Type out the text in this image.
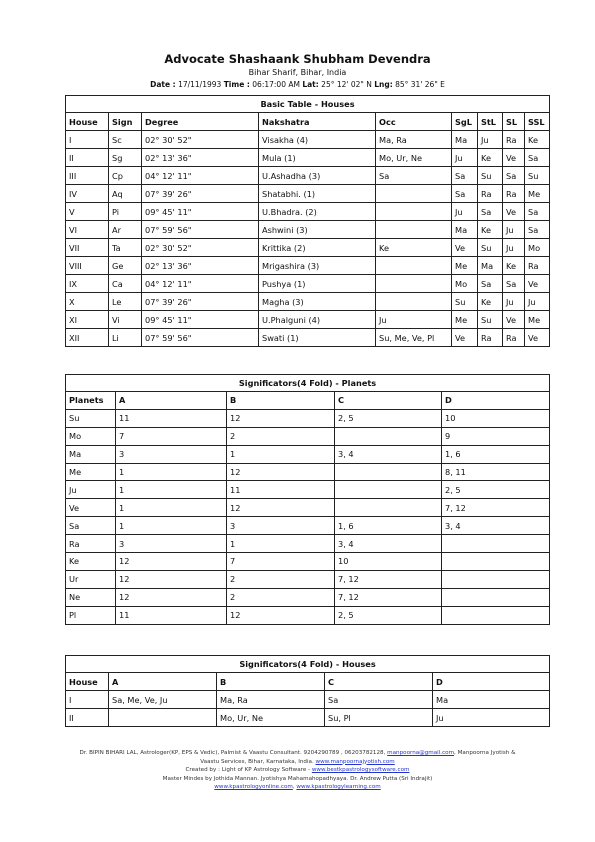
Advocate Shashaank Shubham Devendra
Bihar Sharif, Bihar, India
Date : 17/11/1993 Time : 06:17:00 AM Lat: 25° 12' 02" N Lng: 85° 31' 26" E
Basic Table - Houses								
House	Sign	Degree	Nakshatra	Occ	SgL	StL	SL	SSL
I	Sc	02° 30' 52"	Visakha (4)	Ma, Ra	Ma	Ju	Ra	Ke
II	Sg	02° 13' 36"	Mula (1)	Mo, Ur, Ne	Ju	Ke	Ve	Sa
III	Cp	04° 12' 11"	U.Ashadha (3)	Sa	Sa	Su	Sa	Su
IV	Aq	07° 39' 26"	Shatabhi. (1)		Sa	Ra	Ra	Me
V	Pi	09° 45' 11"	U.Bhadra. (2)		Ju	Sa	Ve	Sa
VI	Ar	07° 59' 56"	Ashwini (3)		Ma	Ke	Ju	Sa
VII	Ta	02° 30' 52"	Krittika (2)	Ke	Ve	Su	Ju	Mo
VIII	Ge	02° 13' 36"	Mrigashira (3)		Me	Ma	Ke	Ra
IX	Ca	04° 12' 11"	Pushya (1)		Mo	Sa	Sa	Ve
X	Le	07° 39' 26"	Magha (3)		Su	Ke	Ju	Ju
XI	Vi	09° 45' 11"	U.Phalguni (4)	Ju	Me	Su	Ve	Me
XII	Li	07° 59' 56"	Swati (1)	Su, Me, Ve, Pl	Ve	Ra	Ra	Ve
Significators(4 Fold) - Planets				
Planets	A	B	C	D
Su	11	12	2, 5	10
Mo	7	2		9
Ma	3	1	3, 4	1, 6
Me	1	12		8, 11
Ju	1	11		2, 5
Ve	1	12		7, 12
Sa	1	3	1, 6	3, 4
Ra	3	1	3, 4	
Ke	12	7	10	
Ur	12	2	7, 12	
Ne	12	2	7, 12	
Pl	11	12	2, 5	
Significators(4 Fold) - Houses				
House	A	B	C	D
I	Sa, Me, Ve, Ju	Ma, Ra	Sa	Ma
II		Mo, Ur, Ne	Su, Pl	Ju
Dr. BIPIN BIHARI LAL, Astrologer(KP, EPS & Vedic), Palmist & Vaastu Consultant. 9204290789 , 06203782128, manpoorna@gmail.com, Manpoorna Jyotish &
Vaastu Services, Bihar, Karnataka, India. www.manpoornajyotish.com
Created by : Light of KP Astrology Software - www.bestkpastrologysoftware.com
Master Mindes by Jothida Mannan. Jyotishya Mahamahopadhyaya. Dr. Andrew Putta (Sri Indrajit)
www.kpastrologyonline.com, www.kpastrologylearning.com
